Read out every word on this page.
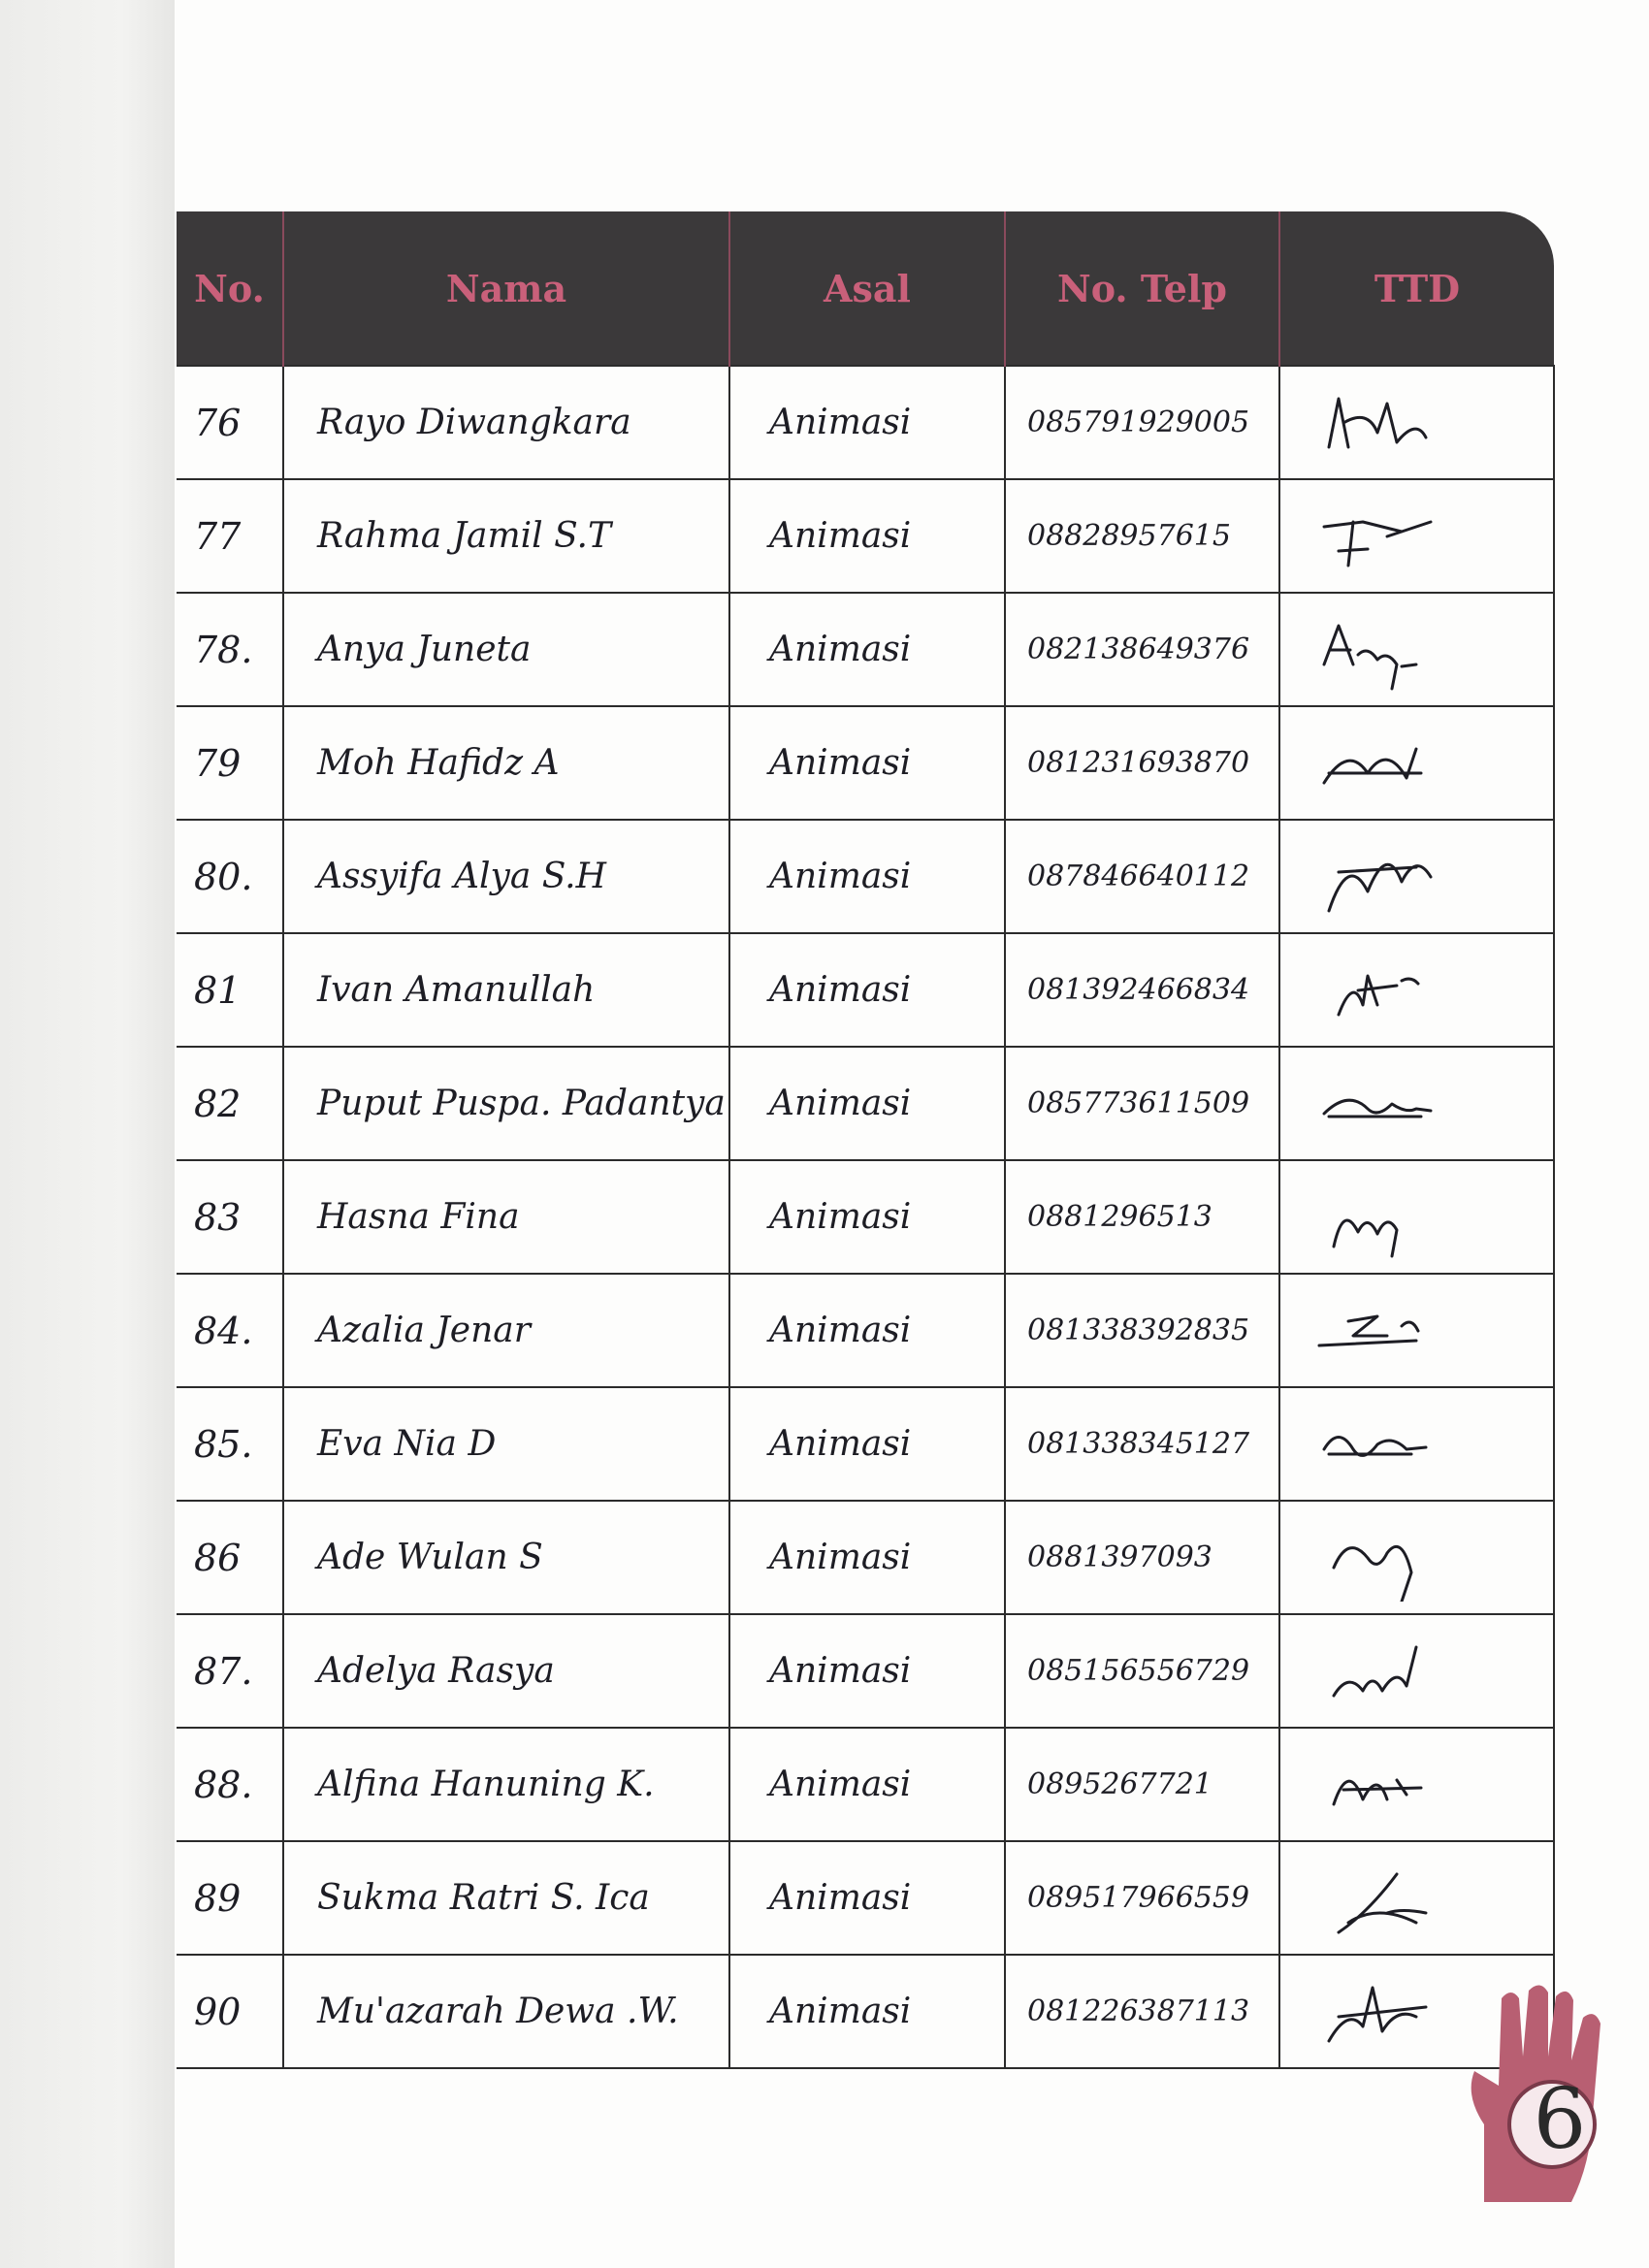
No.	Nama	Asal	No. Telp	TTD
76	Rayo Diwangkara	Animasi	085791929005	

77	Rahma Jamil S.T	Animasi	08828957615	

78.	Anya Juneta	Animasi	082138649376	

79	Moh Hafidz A	Animasi	081231693870	

80.	Assyifa Alya S.H	Animasi	087846640112	

81	Ivan Amanullah	Animasi	081392466834	

82	Puput Puspa. Padantya	Animasi	085773611509	

83	Hasna Fina	Animasi	0881296513	

84.	Azalia Jenar	Animasi	081338392835	

85.	Eva Nia D	Animasi	081338345127	

86	Ade Wulan S	Animasi	0881397093	

87.	Adelya Rasya	Animasi	085156556729	

88.	Alfina Hanuning K.	Animasi	0895267721	

89	Sukma Ratri S. Ica	Animasi	089517966559	

90	Mu'azarah Dewa .W.	Animasi	081226387113	
6
